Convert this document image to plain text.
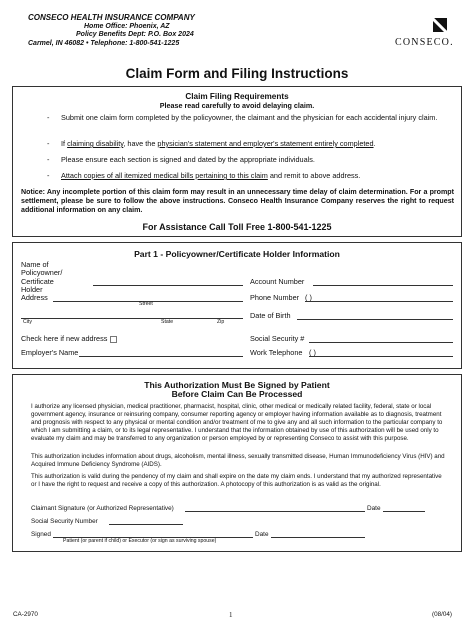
CONSECO HEALTH INSURANCE COMPANY
Home Office: Phoenix, AZ
Policy Benefits Dept: P.O. Box 2024
Carmel, IN 46082 • Telephone: 1-800-541-1225	CONSECO.
Claim Form and Filing Instructions
Claim Filing Requirements
Please read carefully to avoid delaying claim.
- Submit one claim form completed by the policyowner, the claimant and the physician for each accidental injury claim.
- If claiming disability, have the physician's statement and employer's statement entirely completed.
- Please ensure each section is signed and dated by the appropriate individuals.
- Attach copies of all itemized medical bills pertaining to this claim and remit to above address.
Notice: Any incomplete portion of this claim form may result in an unnecessary time delay of claim determination. For a prompt settlement, please be sure to follow the above instructions. Conseco Health Insurance Company reserves the right to request additional information on any claim.
For Assistance Call Toll Free 1-800-541-1225
Part 1 - Policyowner/Certificate Holder Information
Name of Policyowner/ Certificate Holder
Account Number
Address
Street
Phone Number ( )
Date of Birth
City	State	Zip
Check here if new address	Social Security #
Employer's Name	Work Telephone ( )
This Authorization Must Be Signed by Patient
Before Claim Can Be Processed
I authorize any licensed physician, medical practitioner, pharmacist, hospital, clinic, other medical or medically related facility, federal, state or local government agency, insurance or reinsuring company, consumer reporting agency or employer having information available as to diagnosis, treatment and prognosis with respect to any physical or mental condition and/or treatment of me to give any and all such information to the particular company to which I am submitting a claim, or to its legal representative. I understand that the information obtained by use of this authorization will be used only to evaluate my claim and may be transferred to any organization or person employed by or representing Conseco to assist with this purpose.
This authorization includes information about drugs, alcoholism, mental illness, sexually transmitted disease, Human Immunodeficiency Virus (HIV) and Acquired Immune Deficiency Syndrome (AIDS).
This authorization is valid during the pendency of my claim and shall expire on the date my claim ends. I understand that my authorized representative or I have the right to request and receive a copy of this authorization. A photocopy of this authorization is as valid as the original.
Claimant Signature (or Authorized Representative)	Date
Social Security Number
Signed	Date
Patient (or parent if child) or Executor (or sign as surviving spouse)
CA-2970	1	(08/04)
